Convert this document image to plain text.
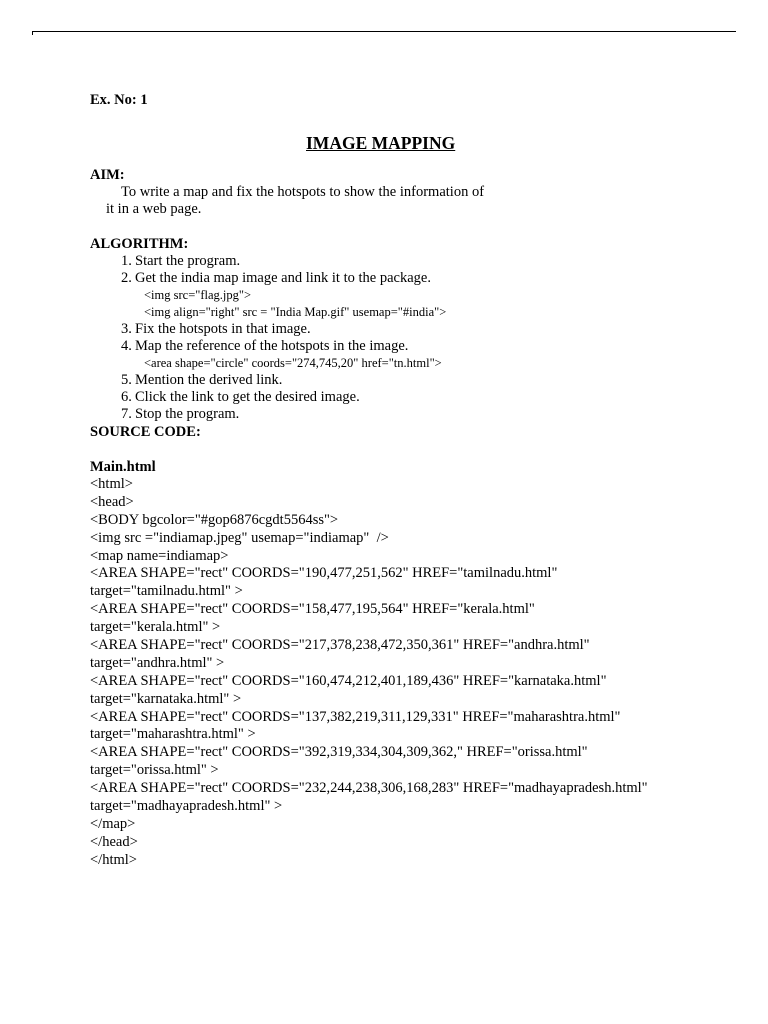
Ex. No: 1
IMAGE MAPPING
AIM:
To write a map and fix the hotspots to show the information of
it in a web page.
ALGORITHM:
1. Start the program.
2. Get the india map image and link it to the package.
<img src="flag.jpg">
<img align="right" src = "India Map.gif" usemap="#india">
3. Fix the hotspots in that image.
4. Map the reference of the hotspots in the image.
<area shape="circle" coords="274,745,20" href="tn.html">
5. Mention the derived link.
6. Click the link to get the desired image.
7. Stop the program.
SOURCE CODE:
Main.html
<html>
<head>
<BODY bgcolor="#gop6876cgdt5564ss">
<img src ="indiamap.jpeg" usemap="indiamap"  />
<map name=indiamap>
<AREA SHAPE="rect" COORDS="190,477,251,562" HREF="tamilnadu.html"
target="tamilnadu.html" >
<AREA SHAPE="rect" COORDS="158,477,195,564" HREF="kerala.html"
target="kerala.html" >
<AREA SHAPE="rect" COORDS="217,378,238,472,350,361" HREF="andhra.html"
target="andhra.html" >
<AREA SHAPE="rect" COORDS="160,474,212,401,189,436" HREF="karnataka.html"
target="karnataka.html" >
<AREA SHAPE="rect" COORDS="137,382,219,311,129,331" HREF="maharashtra.html"
target="maharashtra.html" >
<AREA SHAPE="rect" COORDS="392,319,334,304,309,362," HREF="orissa.html"
target="orissa.html" >
<AREA SHAPE="rect" COORDS="232,244,238,306,168,283" HREF="madhayapradesh.html"
target="madhayapradesh.html" >
</map>
</head>
</html>
